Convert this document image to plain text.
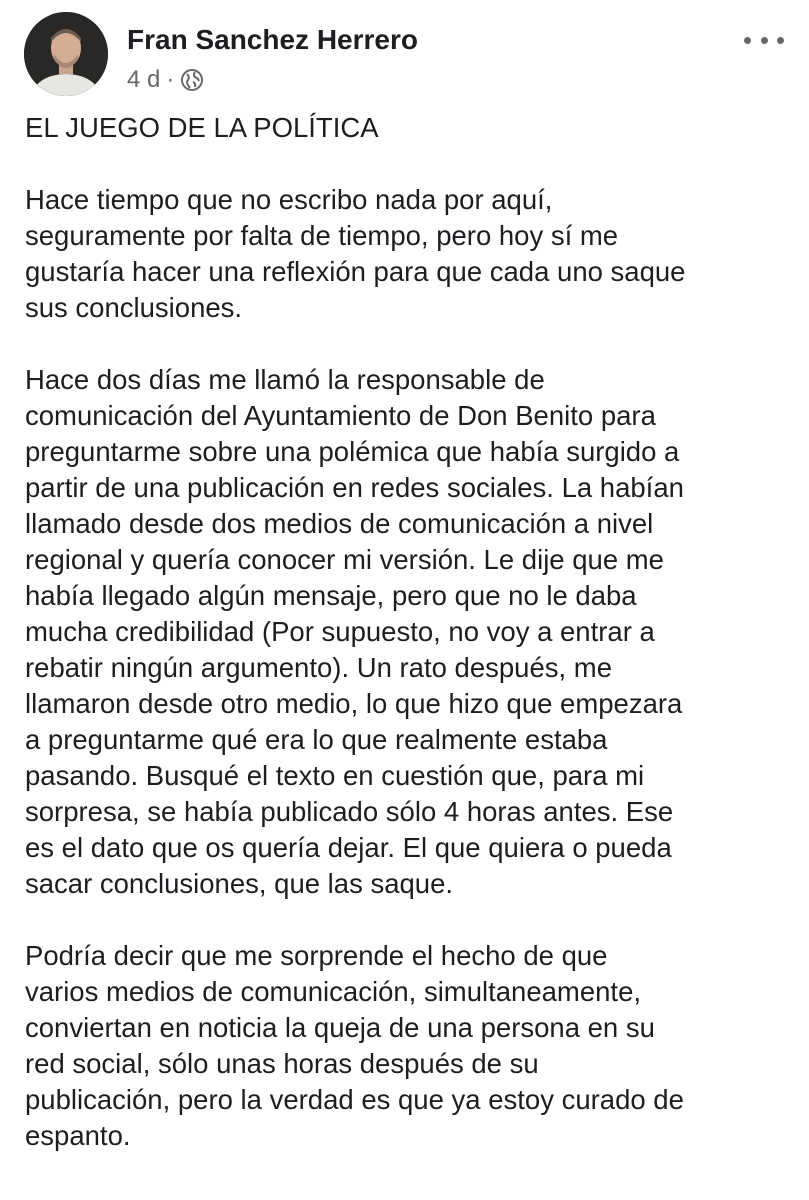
Fran Sanchez Herrero
4 d ·

EL JUEGO DE LA POLÍTICA

Hace tiempo que no escribo nada por aquí,
seguramente por falta de tiempo, pero hoy sí me
gustaría hacer una reflexión para que cada uno saque
sus conclusiones.

Hace dos días me llamó la responsable de
comunicación del Ayuntamiento de Don Benito para
preguntarme sobre una polémica que había surgido a
partir de una publicación en redes sociales. La habían
llamado desde dos medios de comunicación a nivel
regional y quería conocer mi versión. Le dije que me
había llegado algún mensaje, pero que no le daba
mucha credibilidad (Por supuesto, no voy a entrar a
rebatir ningún argumento). Un rato después, me
llamaron desde otro medio, lo que hizo que empezara
a preguntarme qué era lo que realmente estaba
pasando. Busqué el texto en cuestión que, para mi
sorpresa, se había publicado sólo 4 horas antes. Ese
es el dato que os quería dejar. El que quiera o pueda
sacar conclusiones, que las saque.

Podría decir que me sorprende el hecho de que
varios medios de comunicación, simultaneamente,
conviertan en noticia la queja de una persona en su
red social, sólo unas horas después de su
publicación, pero la verdad es que ya estoy curado de
espanto.
